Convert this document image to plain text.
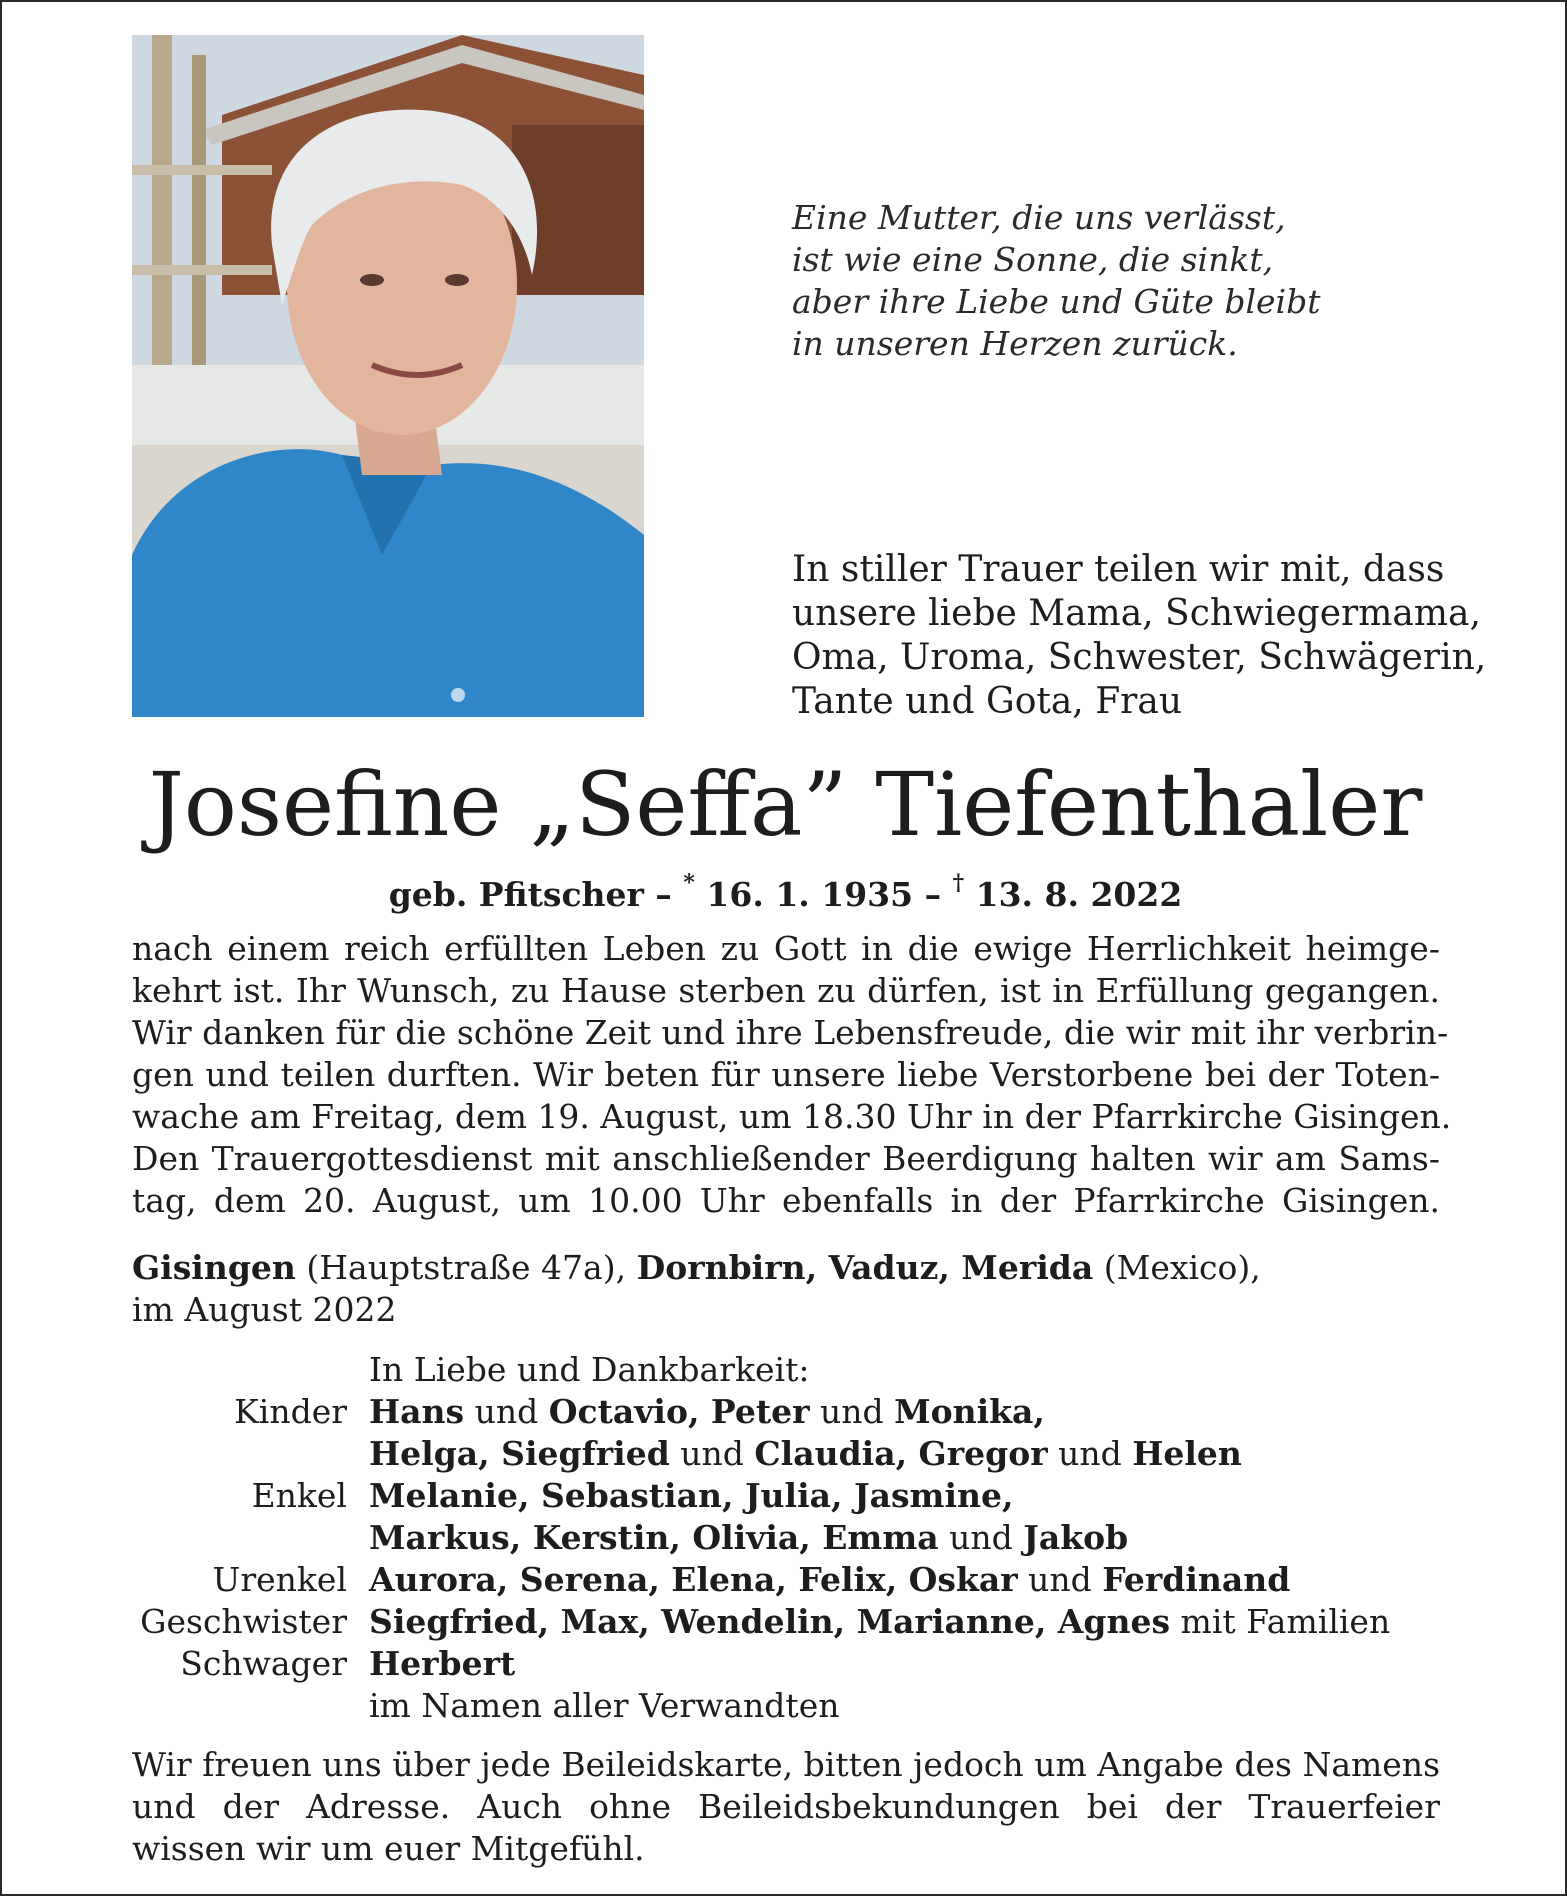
Eine Mutter, die uns verlässt,
ist wie eine Sonne, die sinkt,
aber ihre Liebe und Güte bleibt
in unseren Herzen zurück.
In stiller Trauer teilen wir mit, dass
unsere liebe Mama, Schwiegermama,
Oma, Uroma, Schwester, Schwägerin,
Tante und Gota, Frau
Josefine „Seffa” Tiefenthaler
geb. Pfitscher – * 16. 1. 1935 – † 13. 8. 2022
nach einem reich erfüllten Leben zu Gott in die ewige Herrlichkeit heimge-
kehrt ist. Ihr Wunsch, zu Hause sterben zu dürfen, ist in Erfüllung gegangen.
Wir danken für die schöne Zeit und ihre Lebensfreude, die wir mit ihr verbrin-
gen und teilen durften. Wir beten für unsere liebe Verstorbene bei der Toten-
wache am Freitag, dem 19. August, um 18.30 Uhr in der Pfarrkirche Gisingen.
Den Trauergottesdienst mit anschließender Beerdigung halten wir am Sams-
tag, dem 20. August, um 10.00 Uhr ebenfalls in der Pfarrkirche Gisingen.
Gisingen (Hauptstraße 47a), Dornbirn, Vaduz, Merida (Mexico),
im August 2022
In Liebe und Dankbarkeit:
Kinder Hans und Octavio, Peter und Monika,
Helga, Siegfried und Claudia, Gregor und Helen
Enkel Melanie, Sebastian, Julia, Jasmine,
Markus, Kerstin, Olivia, Emma und Jakob
Urenkel Aurora, Serena, Elena, Felix, Oskar und Ferdinand
Geschwister Siegfried, Max, Wendelin, Marianne, Agnes mit Familien
Schwager Herbert
im Namen aller Verwandten
Wir freuen uns über jede Beileidskarte, bitten jedoch um Angabe des Namens
und der Adresse. Auch ohne Beileidsbekundungen bei der Trauerfeier
wissen wir um euer Mitgefühl.
